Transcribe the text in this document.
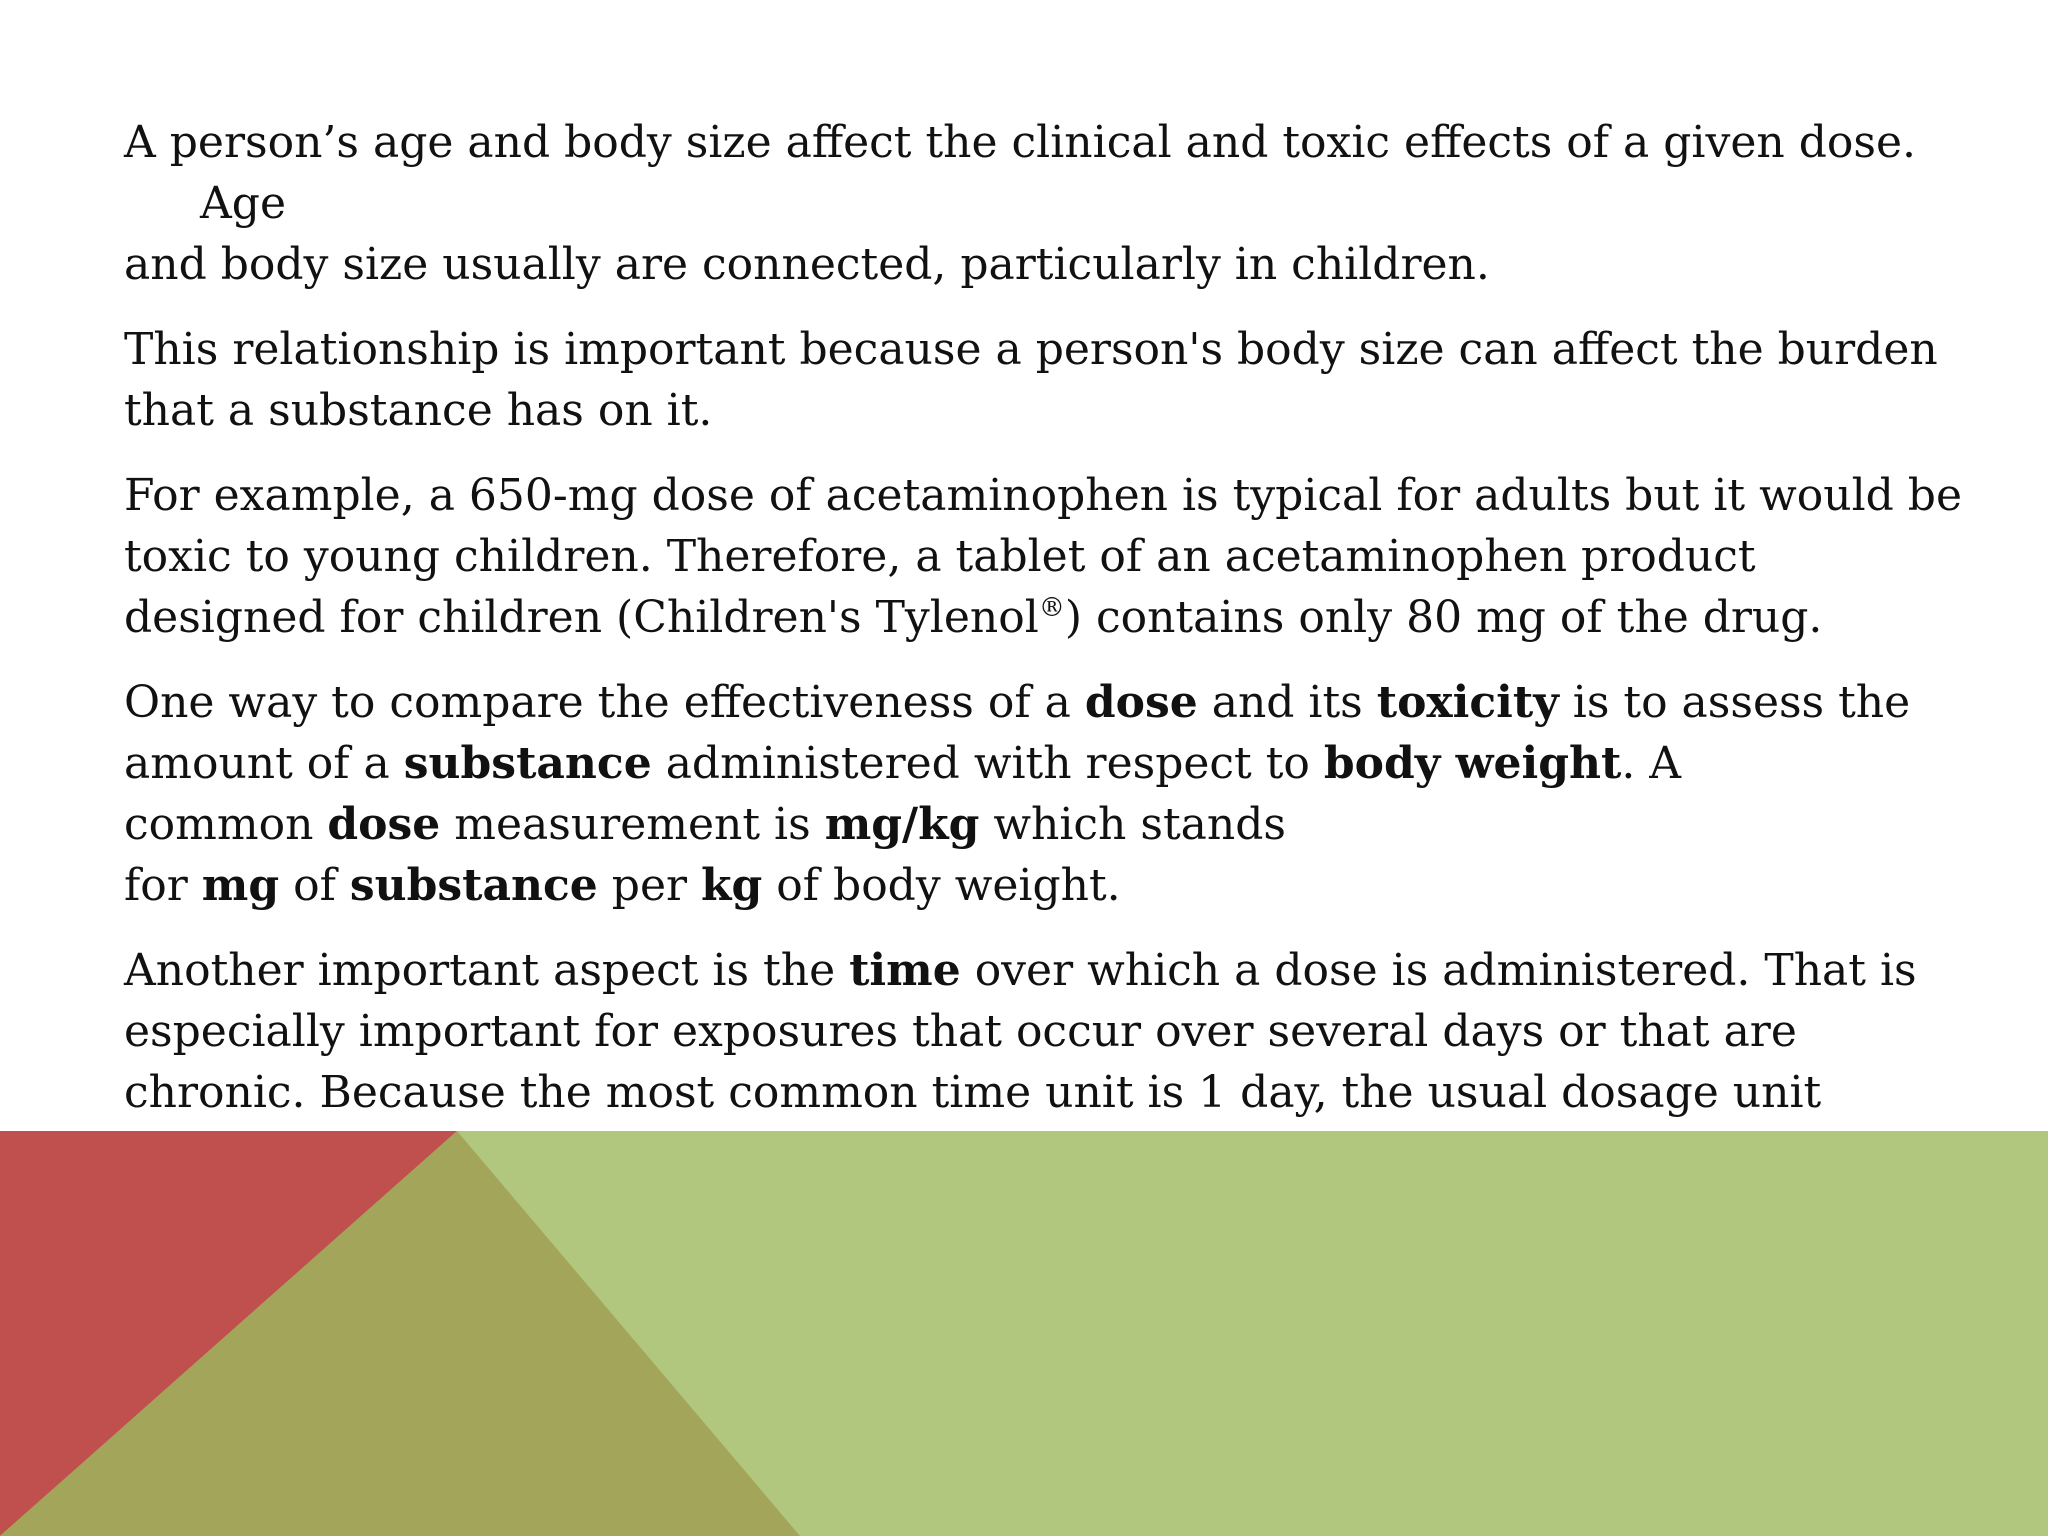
A person’s age and body size affect the clinical and toxic effects of a given dose. Age
and body size usually are connected, particularly in children.

This relationship is important because a person's body size can affect the burden
that a substance has on it.

For example, a 650-mg dose of acetaminophen is typical for adults but it would be
toxic to young children. Therefore, a tablet of an acetaminophen product
designed for children (Children's Tylenol®) contains only 80 mg of the drug.

One way to compare the effectiveness of a dose and its toxicity is to assess the
amount of a substance administered with respect to body weight. A
common dose measurement is mg/kg which stands
for mg of substance per kg of body weight.

Another important aspect is the time over which a dose is administered. That is
especially important for exposures that occur over several days or that are
chronic. Because the most common time unit is 1 day, the usual dosage unit
